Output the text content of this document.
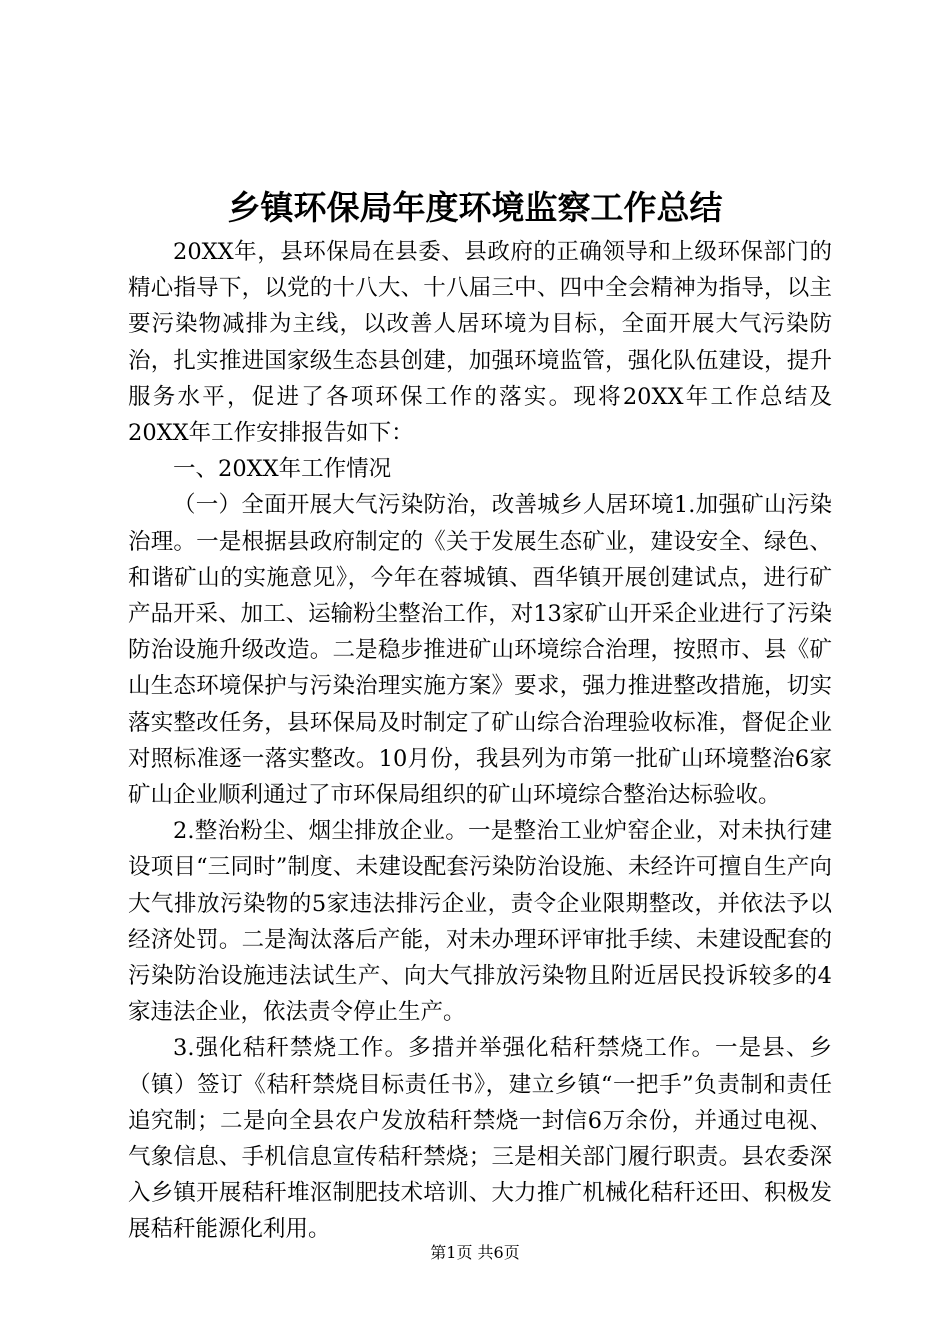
乡镇环保局年度环境监察工作总结

20XX年，县环保局在县委、县政府的正确领导和上级环保部门的精心指导下，以党的十八大、十八届三中、四中全会精神为指导，以主要污染物减排为主线，以改善人居环境为目标，全面开展大气污染防治，扎实推进国家级生态县创建，加强环境监管，强化队伍建设，提升服务水平，促进了各项环保工作的落实。现将20XX年工作总结及20XX年工作安排报告如下：

一、20XX年工作情况

（一）全面开展大气污染防治，改善城乡人居环境1.加强矿山污染治理。一是根据县政府制定的《关于发展生态矿业，建设安全、绿色、和谐矿山的实施意见》，今年在蓉城镇、酉华镇开展创建试点，进行矿产品开采、加工、运输粉尘整治工作，对13家矿山开采企业进行了污染防治设施升级改造。二是稳步推进矿山环境综合治理，按照市、县《矿山生态环境保护与污染治理实施方案》要求，强力推进整改措施，切实落实整改任务，县环保局及时制定了矿山综合治理验收标准，督促企业对照标准逐一落实整改。10月份，我县列为市第一批矿山环境整治6家矿山企业顺利通过了市环保局组织的矿山环境综合整治达标验收。

2.整治粉尘、烟尘排放企业。一是整治工业炉窑企业，对未执行建设项目“三同时”制度、未建设配套污染防治设施、未经许可擅自生产向大气排放污染物的5家违法排污企业，责令企业限期整改，并依法予以经济处罚。二是淘汰落后产能，对未办理环评审批手续、未建设配套的污染防治设施违法试生产、向大气排放污染物且附近居民投诉较多的4家违法企业，依法责令停止生产。

3.强化秸秆禁烧工作。多措并举强化秸秆禁烧工作。一是县、乡（镇）签订《秸秆禁烧目标责任书》，建立乡镇“一把手”负责制和责任追究制；二是向全县农户发放秸秆禁烧一封信6万余份，并通过电视、气象信息、手机信息宣传秸秆禁烧；三是相关部门履行职责。县农委深入乡镇开展秸秆堆沤制肥技术培训、大力推广机械化秸秆还田、积极发展秸秆能源化利用。

第1页 共6页
